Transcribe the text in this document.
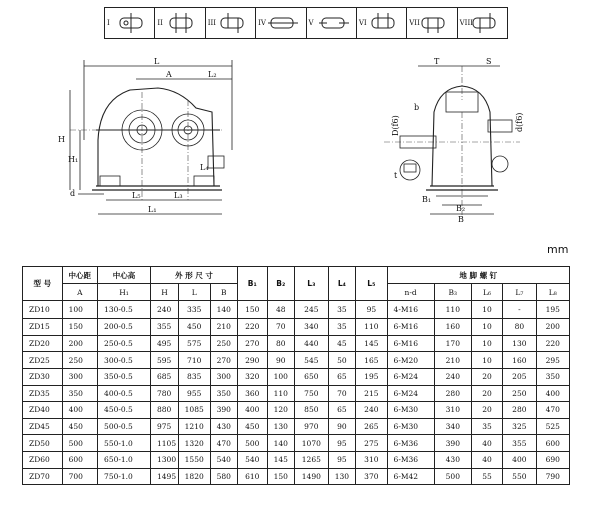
I	II	III	IV	V	VI	VII	VIII
L
A	L₂
H
H₁
L₄
L₅	L₃
L₁
d
T	S
D(f6)	d(f6)
b
t
B₁
B₂
B
mm
型 号	中心距	中心高	外 形 尺 寸			B₁	B₂	L₃	L₄	L₅	地 脚 螺 钉				
	A	H₁	H	L	B						n-d	B₃	L₆	L₇	L₈
ZD10	100	130-0.5	240	335	140	150	48	245	35	95	4-M16	110	10	-	195
ZD15	150	200-0.5	355	450	210	220	70	340	35	110	6-M16	160	10	80	200
ZD20	200	250-0.5	495	575	250	270	80	440	45	145	6-M16	170	10	130	220
ZD25	250	300-0.5	595	710	270	290	90	545	50	165	6-M20	210	10	160	295
ZD30	300	350-0.5	685	835	300	320	100	650	65	195	6-M24	240	20	205	350
ZD35	350	400-0.5	780	955	350	360	110	750	70	215	6-M24	280	20	250	400
ZD40	400	450-0.5	880	1085	390	400	120	850	65	240	6-M30	310	20	280	470
ZD45	450	500-0.5	975	1210	430	450	130	970	90	265	6-M30	340	35	325	525
ZD50	500	550-1.0	1105	1320	470	500	140	1070	95	275	6-M36	390	40	355	600
ZD60	600	650-1.0	1300	1550	540	540	145	1265	95	310	6-M36	430	40	400	690
ZD70	700	750-1.0	1495	1820	580	610	150	1490	130	370	6-M42	500	55	550	790
